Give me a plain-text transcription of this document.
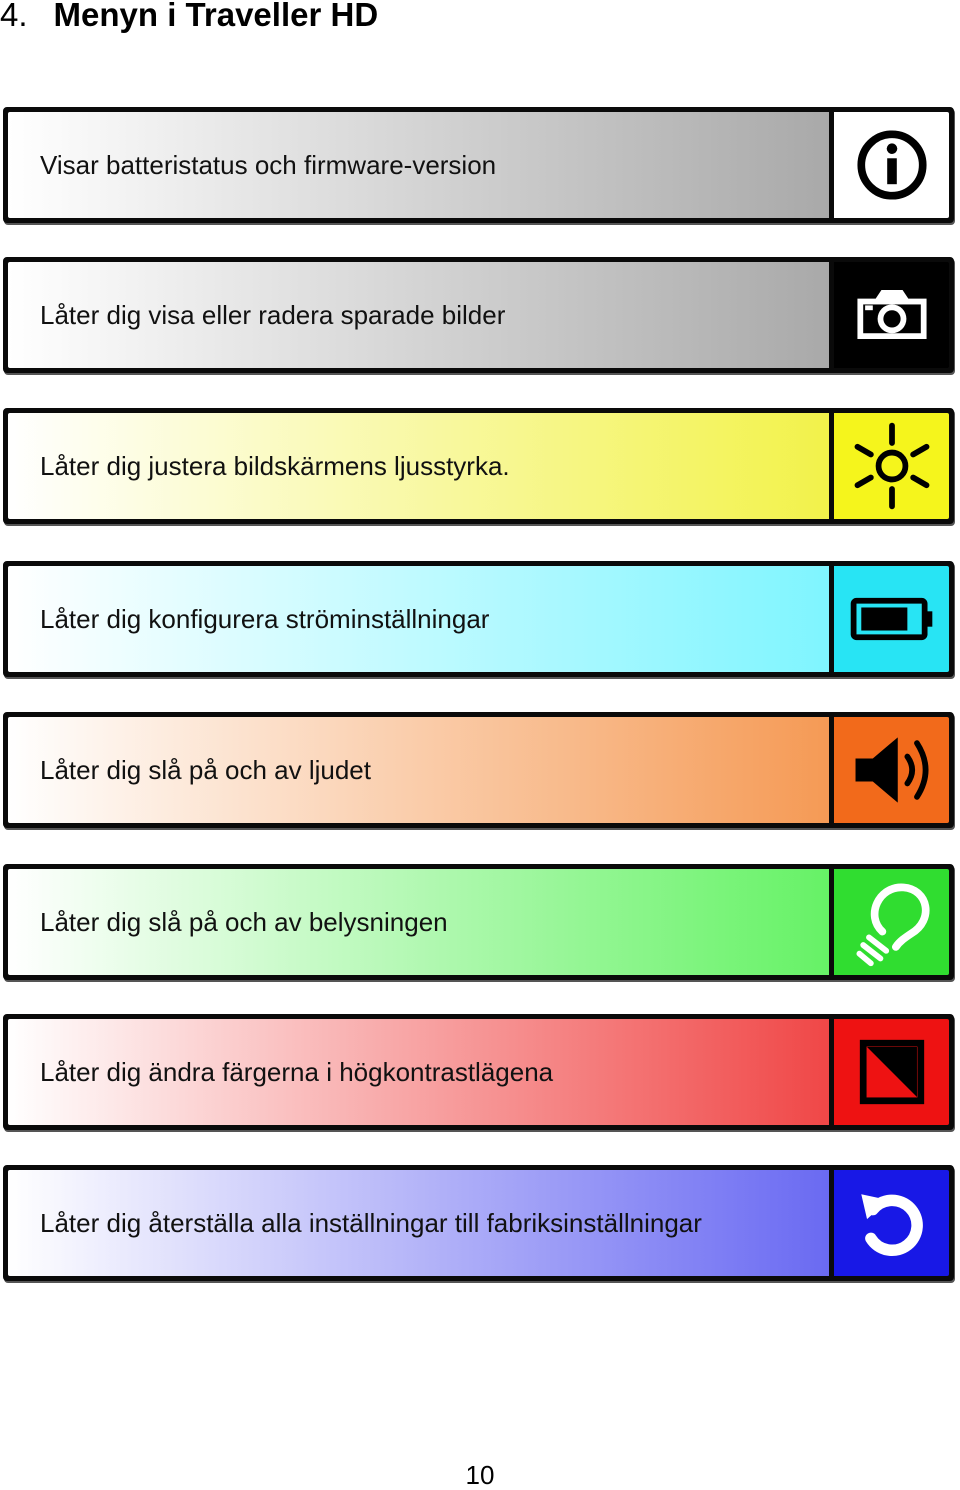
4. Menyn i Traveller HD
Visar batteristatus och firmware-version
Låter dig visa eller radera sparade bilder
Låter dig justera bildskärmens ljusstyrka.
Låter dig konfigurera ströminställningar
Låter dig slå på och av ljudet
Låter dig slå på och av belysningen
Låter dig ändra färgerna i högkontrastlägena
Låter dig återställa alla inställningar till fabriksinställningar
10
